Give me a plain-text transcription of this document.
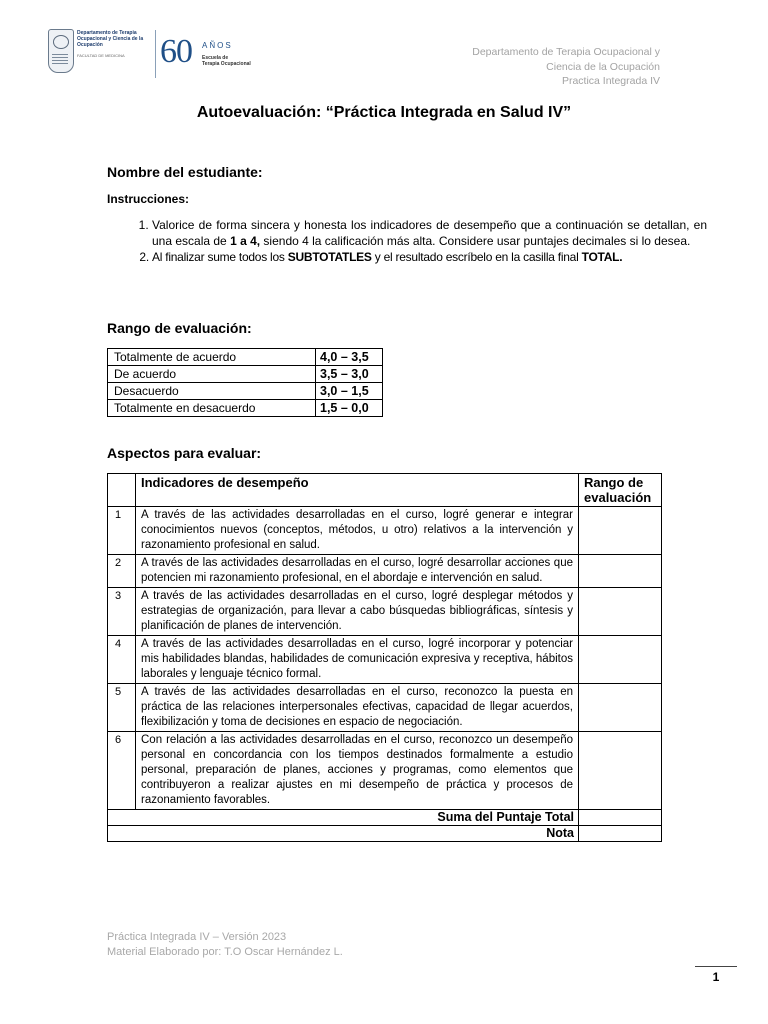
Departamento de Terapia Ocupacional y Ciencia de la Ocupación
FACULTAD DE MEDICINA	60 AÑOS
Escuela de
Terapia Ocupacional
Departamento de Terapia Ocupacional y
Ciencia de la Ocupación
Practica Integrada IV
Autoevaluación: “Práctica Integrada en Salud IV”
Nombre del estudiante:
Instrucciones:
1. Valorice de forma sincera y honesta los indicadores de desempeño que a continuación se detallan, en una escala de 1 a 4, siendo 4 la calificación más alta. Considere usar puntajes decimales si lo desea.
2. Al finalizar sume todos los SUBTOTATLES y el resultado escríbelo en la casilla final TOTAL.
Rango de evaluación:
Totalmente de acuerdo	4,0 – 3,5
De acuerdo	3,5 – 3,0
Desacuerdo	3,0 – 1,5
Totalmente en desacuerdo	1,5 – 0,0
Aspectos para evaluar:
	Indicadores de desempeño	Rango de evaluación
1	A través de las actividades desarrolladas en el curso, logré generar e integrar conocimientos nuevos (conceptos, métodos, u otro) relativos a la intervención y razonamiento profesional en salud.	
2	A través de las actividades desarrolladas en el curso, logré desarrollar acciones que potencien mi razonamiento profesional, en el abordaje e intervención en salud.	
3	A través de las actividades desarrolladas en el curso, logré desplegar métodos y estrategias de organización, para llevar a cabo búsquedas bibliográficas, síntesis y planificación de planes de intervención.	
4	A través de las actividades desarrolladas en el curso, logré incorporar y potenciar mis habilidades blandas, habilidades de comunicación expresiva y receptiva, hábitos laborales y lenguaje técnico formal.	
5	A través de las actividades desarrolladas en el curso, reconozco la puesta en práctica de las relaciones interpersonales efectivas, capacidad de llegar acuerdos, flexibilización y toma de decisiones en espacio de negociación.	
6	Con relación a las actividades desarrolladas en el curso, reconozco un desempeño personal en concordancia con los tiempos destinados formalmente a estudio personal, preparación de planes, acciones y programas, como elementos que contribuyeron a realizar ajustes en mi desempeño de práctica y procesos de razonamiento favorables.	
Suma del Puntaje Total		
Nota		
Práctica Integrada IV – Versión 2023
Material Elaborado por: T.O Oscar Hernández L.
1
